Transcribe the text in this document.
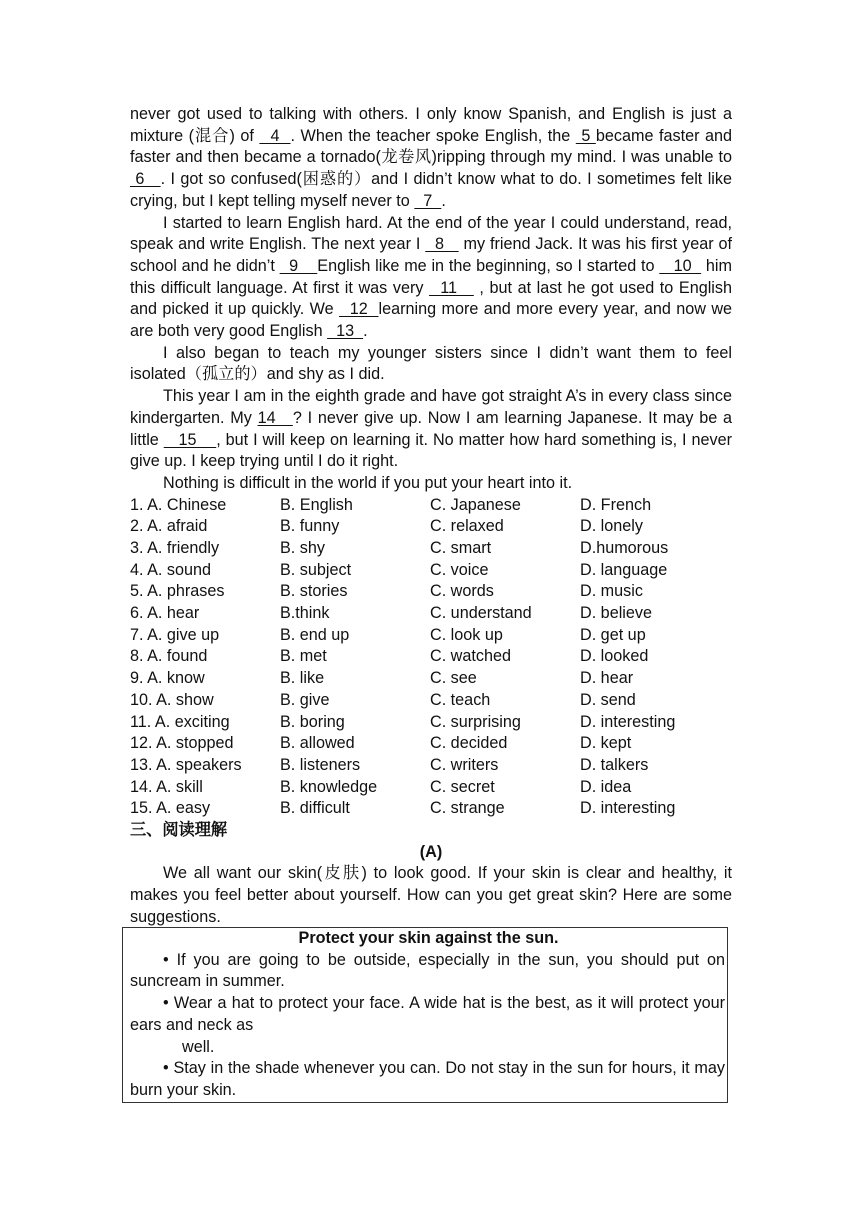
never got used to talking with others. I only know Spanish, and English is just a mixture (混合) of   4  . When the teacher spoke English, the  5 became faster and faster and then became a tornado(龙卷风)ripping through my mind. I was unable to  6   . I got so confused(困惑的）and I didn’t know what to do. I sometimes felt like crying, but I kept telling myself never to   7  .

I started to learn English hard. At the end of the year I could understand, read, speak and write English. The next year I   8    my friend Jack. It was his first year of school and he didn’t   9    English like me in the beginning, so I started to    10   him this difficult language. At first it was very   11    , but at last he got used to English and picked it up quickly. We   12  learning more and more every year, and now we are both very good English   13  .

I also began to teach my younger sisters since I didn’t want them to feel isolated（孤立的）and shy as I did.

This year I am in the eighth grade and have got straight A’s in every class since kindergarten. My 14   ? I never give up. Now I am learning Japanese. It may be a little    15    , but I will keep on learning it. No matter how hard something is, I never give up. I keep trying until I do it right.

Nothing is difficult in the world if you put your heart into it.

1. A. Chinese	B. English	C. Japanese	D. French
2. A. afraid	B. funny	C. relaxed	D. lonely
3. A. friendly	B. shy	C. smart	D.humorous
4. A. sound	B. subject	C. voice	D. language
5. A. phrases	B. stories	C. words	D. music
6. A. hear	B.think	C. understand	D. believe
7. A. give up	B. end up	C. look up	D. get up
8. A. found	B. met	C. watched	D. looked
9. A. know	B. like	C. see	D. hear
10. A. show	B. give	C. teach	D. send
11. A. exciting	B. boring	C. surprising	D. interesting
12. A. stopped	B. allowed	C. decided	D. kept
13. A. speakers	B. listeners	C. writers	D. talkers
14. A. skill	B. knowledge	C. secret	D. idea
15. A. easy	B. difficult	C. strange	D. interesting

三、阅读理解

(A)

We all want our skin(皮肤) to look good. If your skin is clear and healthy, it makes you feel better about yourself. How can you get great skin? Here are some suggestions.

Protect your skin against the sun.

• If you are going to be outside, especially in the sun, you should put on suncream in summer.

• Wear a hat to protect your face. A wide hat is the best, as it will protect your ears and neck as

well.

• Stay in the shade whenever you can. Do not stay in the sun for hours, it may burn your skin.
